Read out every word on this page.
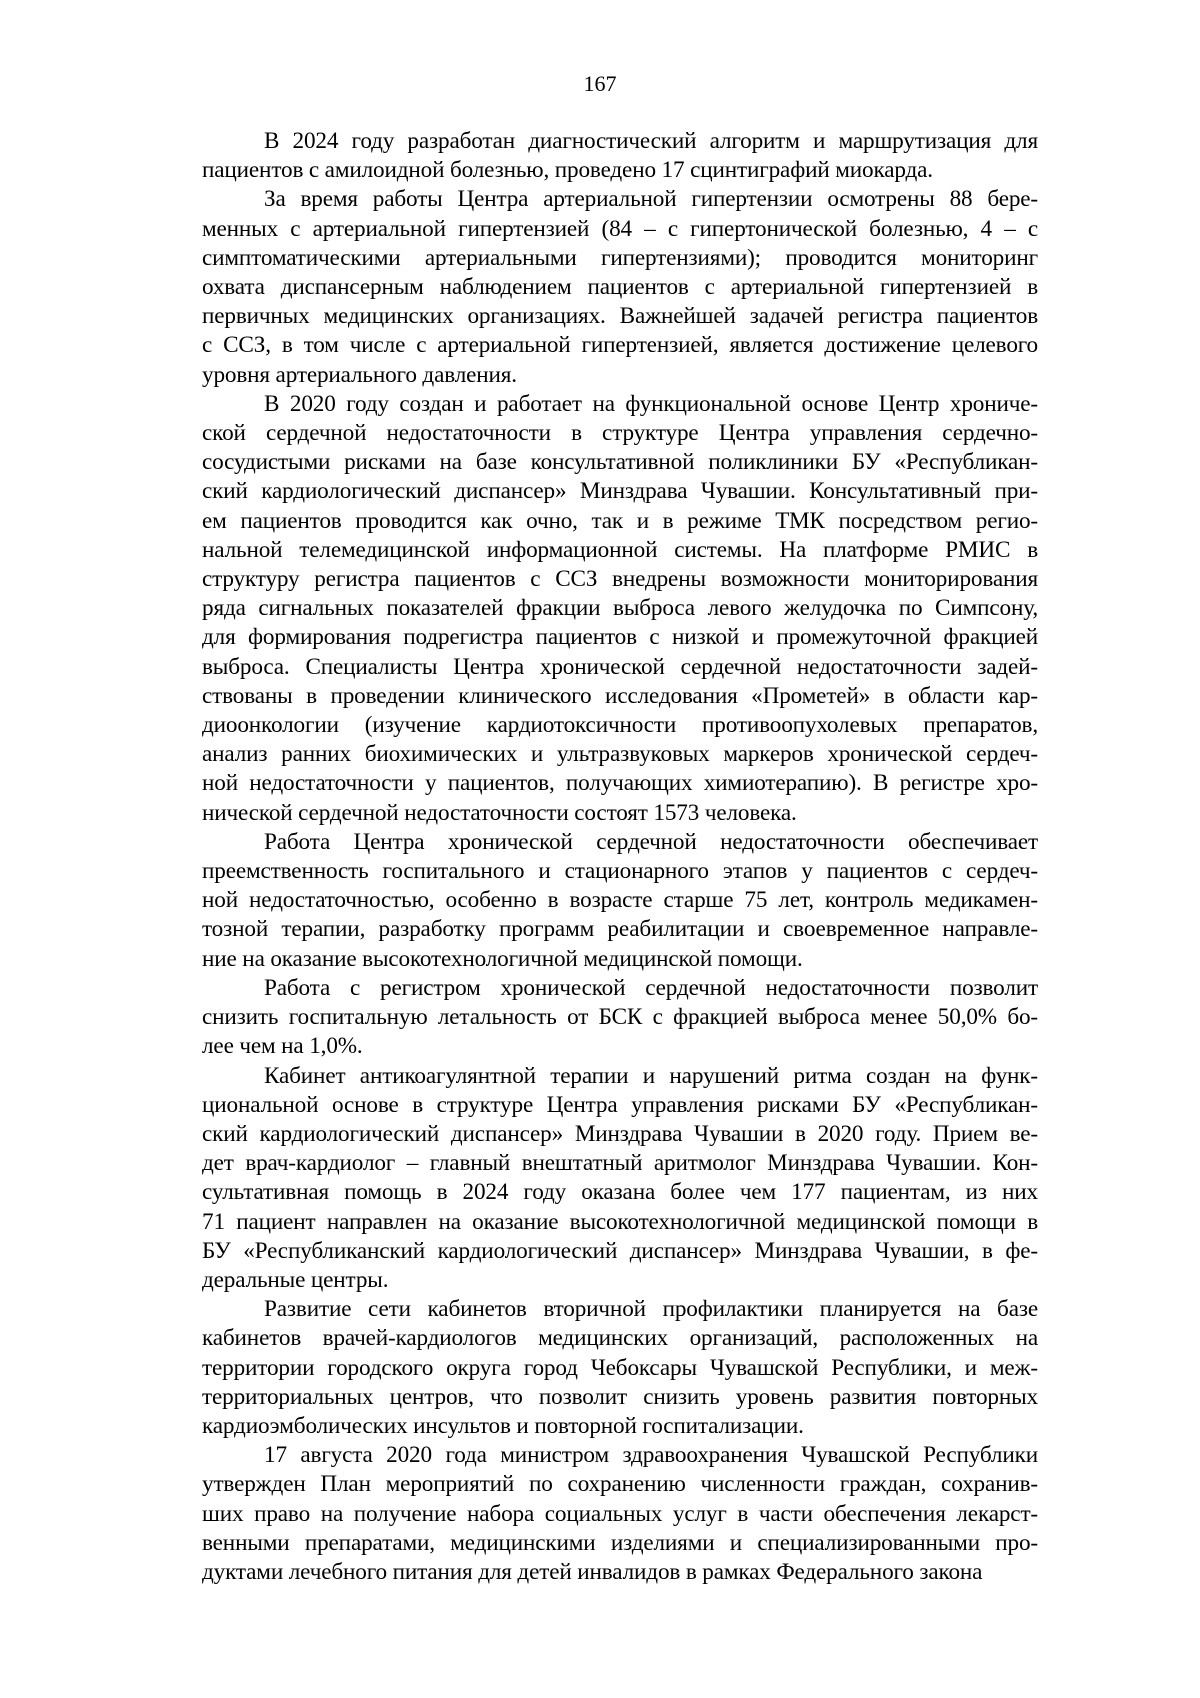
167
В 2024 году разработан диагностический алгоритм и маршрутизация для
пациентов с амилоидной болезнью, проведено 17 сцинтиграфий миокарда.
За время работы Центра артериальной гипертензии осмотрены 88 бере-
менных с артериальной гипертензией (84 – с гипертонической болезнью, 4 – с
симптоматическими артериальными гипертензиями); проводится мониторинг
охвата диспансерным наблюдением пациентов с артериальной гипертензией в
первичных медицинских организациях. Важнейшей задачей регистра пациентов
с ССЗ, в том числе с артериальной гипертензией, является достижение целевого
уровня артериального давления.
В 2020 году создан и работает на функциональной основе Центр хрониче-
ской сердечной недостаточности в структуре Центра управления сердечно-
сосудистыми рисками на базе консультативной поликлиники БУ «Республикан-
ский кардиологический диспансер» Минздрава Чувашии. Консультативный при-
ем пациентов проводится как очно, так и в режиме ТМК посредством регио-
нальной телемедицинской информационной системы. На платформе РМИС в
структуру регистра пациентов с ССЗ внедрены возможности мониторирования
ряда сигнальных показателей фракции выброса левого желудочка по Симпсону,
для формирования подрегистра пациентов с низкой и промежуточной фракцией
выброса. Специалисты Центра хронической сердечной недостаточности задей-
ствованы в проведении клинического исследования «Прометей» в области кар-
диоонкологии (изучение кардиотоксичности противоопухолевых препаратов,
анализ ранних биохимических и ультразвуковых маркеров хронической сердеч-
ной недостаточности у пациентов, получающих химиотерапию). В регистре хро-
нической сердечной недостаточности состоят 1573 человека.
Работа Центра хронической сердечной недостаточности обеспечивает
преемственность госпитального и стационарного этапов у пациентов с сердеч-
ной недостаточностью, особенно в возрасте старше 75 лет, контроль медикамен-
тозной терапии, разработку программ реабилитации и своевременное направле-
ние на оказание высокотехнологичной медицинской помощи.
Работа с регистром хронической сердечной недостаточности позволит
снизить госпитальную летальность от БСК с фракцией выброса менее 50,0% бо-
лее чем на 1,0%.
Кабинет антикоагулянтной терапии и нарушений ритма создан на функ-
циональной основе в структуре Центра управления рисками БУ «Республикан-
ский кардиологический диспансер» Минздрава Чувашии в 2020 году. Прием ве-
дет врач-кардиолог – главный внештатный аритмолог Минздрава Чувашии. Кон-
сультативная помощь в 2024 году оказана более чем 177 пациентам, из них
71 пациент направлен на оказание высокотехнологичной медицинской помощи в
БУ «Республиканский кардиологический диспансер» Минздрава Чувашии, в фе-
деральные центры.
Развитие сети кабинетов вторичной профилактики планируется на базе
кабинетов врачей-кардиологов медицинских организаций, расположенных на
территории городского округа город Чебоксары Чувашской Республики, и меж-
территориальных центров, что позволит снизить уровень развития повторных
кардиоэмболических инсультов и повторной госпитализации.
17 августа 2020 года министром здравоохранения Чувашской Республики
утвержден План мероприятий по сохранению численности граждан, сохранив-
ших право на получение набора социальных услуг в части обеспечения лекарст-
венными препаратами, медицинскими изделиями и специализированными про-
дуктами лечебного питания для детей инвалидов в рамках Федерального закона
